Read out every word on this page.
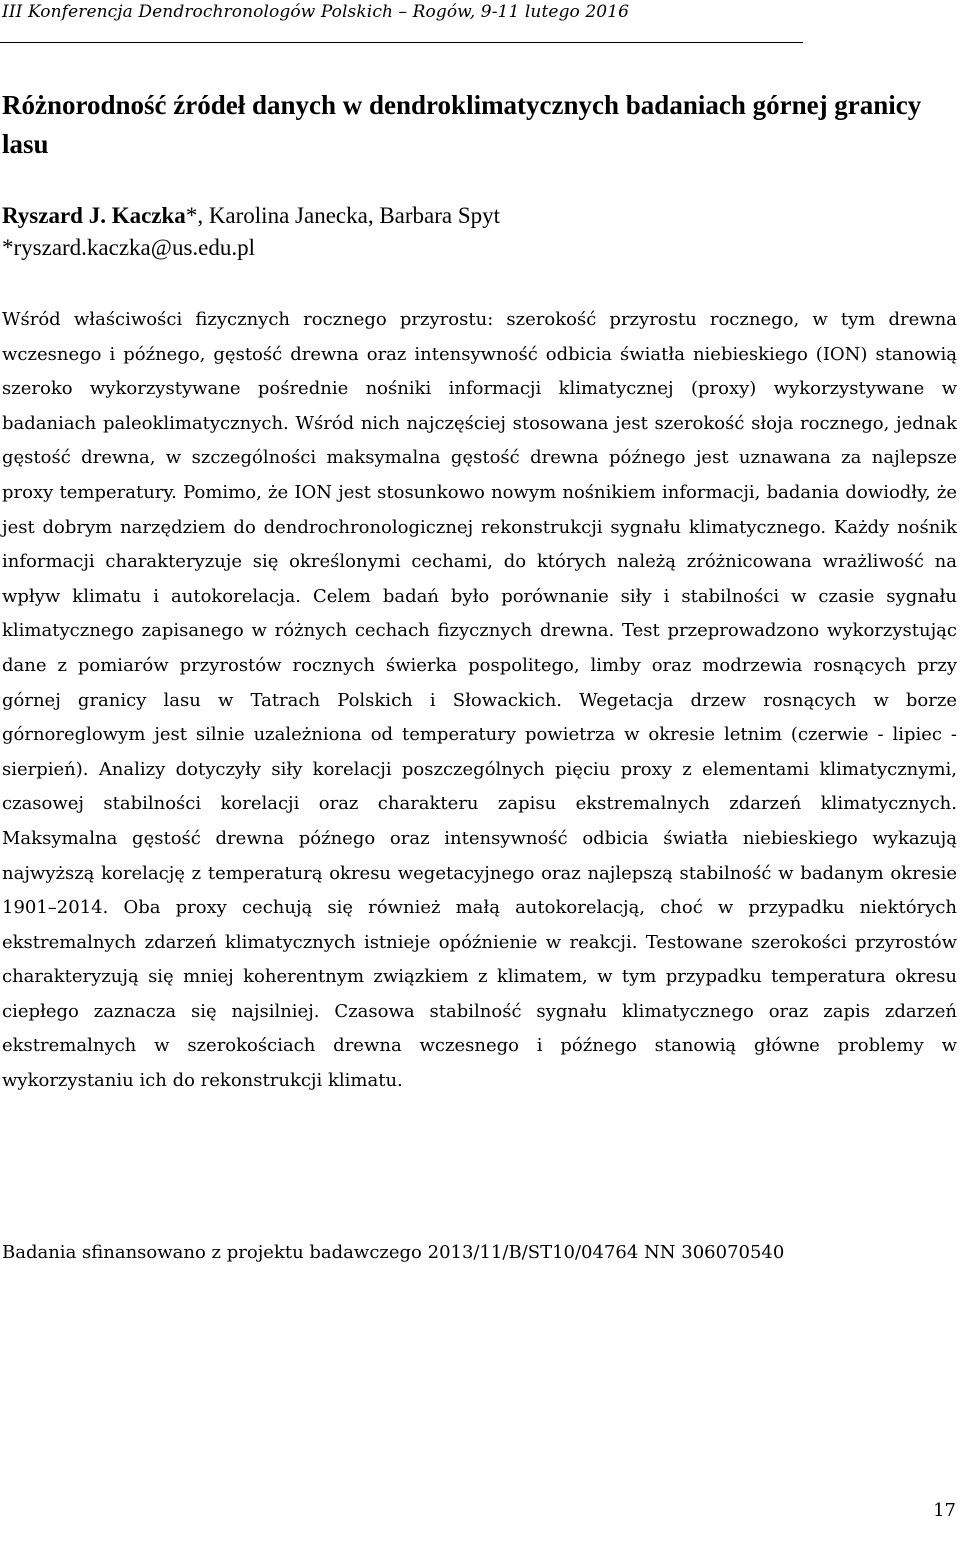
III Konferencja Dendrochronologów Polskich – Rogów, 9-11 lutego 2016
Różnorodność źródeł danych w dendroklimatycznych badaniach górnej granicy lasu

Ryszard J. Kaczka*, Karolina Janecka, Barbara Spyt

*ryszard.kaczka@us.edu.pl

Wśród właściwości fizycznych rocznego przyrostu: szerokość przyrostu rocznego, w tym drewna wczesnego i późnego, gęstość drewna oraz intensywność odbicia światła niebieskiego (ION) stanowią szeroko wykorzystywane pośrednie nośniki informacji klimatycznej (proxy) wykorzystywane w badaniach paleoklimatycznych. Wśród nich najczęściej stosowana jest szerokość słoja rocznego, jednak gęstość drewna, w szczególności maksymalna gęstość drewna późnego jest uznawana za najlepsze proxy temperatury. Pomimo, że ION jest stosunkowo nowym nośnikiem informacji, badania dowiodły, że jest dobrym narzędziem do dendrochronologicznej rekonstrukcji sygnału klimatycznego. Każdy nośnik informacji charakteryzuje się określonymi cechami, do których należą zróżnicowana wrażliwość na wpływ klimatu i autokorelacja. Celem badań było porównanie siły i stabilności w czasie sygnału klimatycznego zapisanego w różnych cechach fizycznych drewna. Test przeprowadzono wykorzystując dane z pomiarów przyrostów rocznych świerka pospolitego, limby oraz modrzewia rosnących przy górnej granicy lasu w Tatrach Polskich i Słowackich. Wegetacja drzew rosnących w borze górnoreglowym jest silnie uzależniona od temperatury powietrza w okresie letnim (czerwie - lipiec - sierpień). Analizy dotyczyły siły korelacji poszczególnych pięciu proxy z elementami klimatycznymi, czasowej stabilności korelacji oraz charakteru zapisu ekstremalnych zdarzeń klimatycznych. Maksymalna gęstość drewna późnego oraz intensywność odbicia światła niebieskiego wykazują najwyższą korelację z temperaturą okresu wegetacyjnego oraz najlepszą stabilność w badanym okresie 1901–2014. Oba proxy cechują się również małą autokorelacją, choć w przypadku niektórych ekstremalnych zdarzeń klimatycznych istnieje opóźnienie w reakcji. Testowane szerokości przyrostów charakteryzują się mniej koherentnym związkiem z klimatem, w tym przypadku temperatura okresu ciepłego zaznacza się najsilniej. Czasowa stabilność sygnału klimatycznego oraz zapis zdarzeń ekstremalnych w szerokościach drewna wczesnego i późnego stanowią główne problemy w wykorzystaniu ich do rekonstrukcji klimatu.

Badania sfinansowano z projektu badawczego 2013/11/B/ST10/04764 NN 306070540

17
